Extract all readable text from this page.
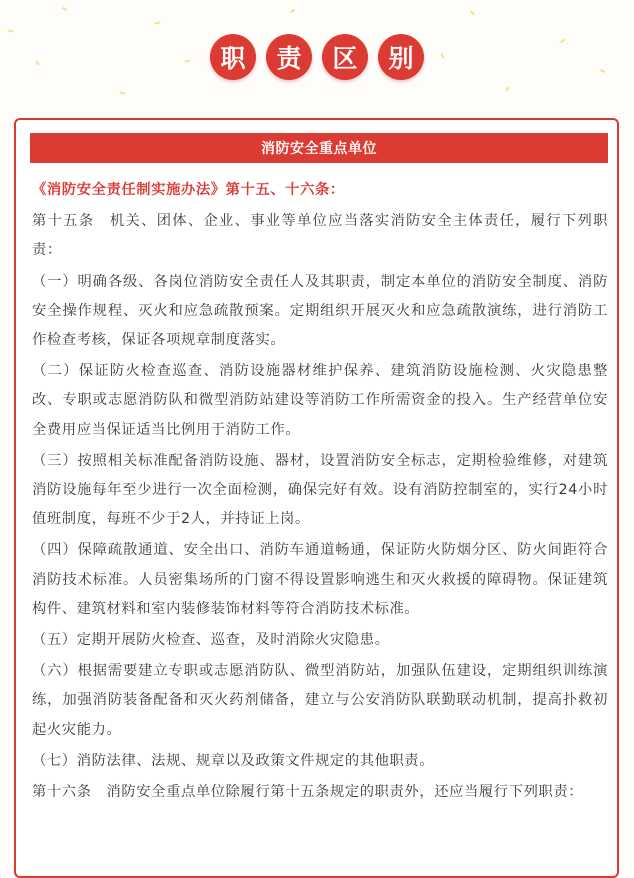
职	责	区	别
消防安全重点单位

《消防安全责任制实施办法》第十五、十六条：

第十五条　机关、团体、企业、事业等单位应当落实消防安全主体责任，履行下列职责：

（一）明确各级、各岗位消防安全责任人及其职责，制定本单位的消防安全制度、消防安全操作规程、灭火和应急疏散预案。定期组织开展灭火和应急疏散演练，进行消防工作检查考核，保证各项规章制度落实。

（二）保证防火检查巡查、消防设施器材维护保养、建筑消防设施检测、火灾隐患整改、专职或志愿消防队和微型消防站建设等消防工作所需资金的投入。生产经营单位安全费用应当保证适当比例用于消防工作。

（三）按照相关标准配备消防设施、器材，设置消防安全标志，定期检验维修，对建筑消防设施每年至少进行一次全面检测，确保完好有效。设有消防控制室的，实行24小时值班制度，每班不少于2人，并持证上岗。

（四）保障疏散通道、安全出口、消防车通道畅通，保证防火防烟分区、防火间距符合消防技术标准。人员密集场所的门窗不得设置影响逃生和灭火救援的障碍物。保证建筑构件、建筑材料和室内装修装饰材料等符合消防技术标准。

（五）定期开展防火检查、巡查，及时消除火灾隐患。

（六）根据需要建立专职或志愿消防队、微型消防站，加强队伍建设，定期组织训练演练，加强消防装备配备和灭火药剂储备，建立与公安消防队联勤联动机制，提高扑救初起火灾能力。

（七）消防法律、法规、规章以及政策文件规定的其他职责。

第十六条　消防安全重点单位除履行第十五条规定的职责外，还应当履行下列职责：
